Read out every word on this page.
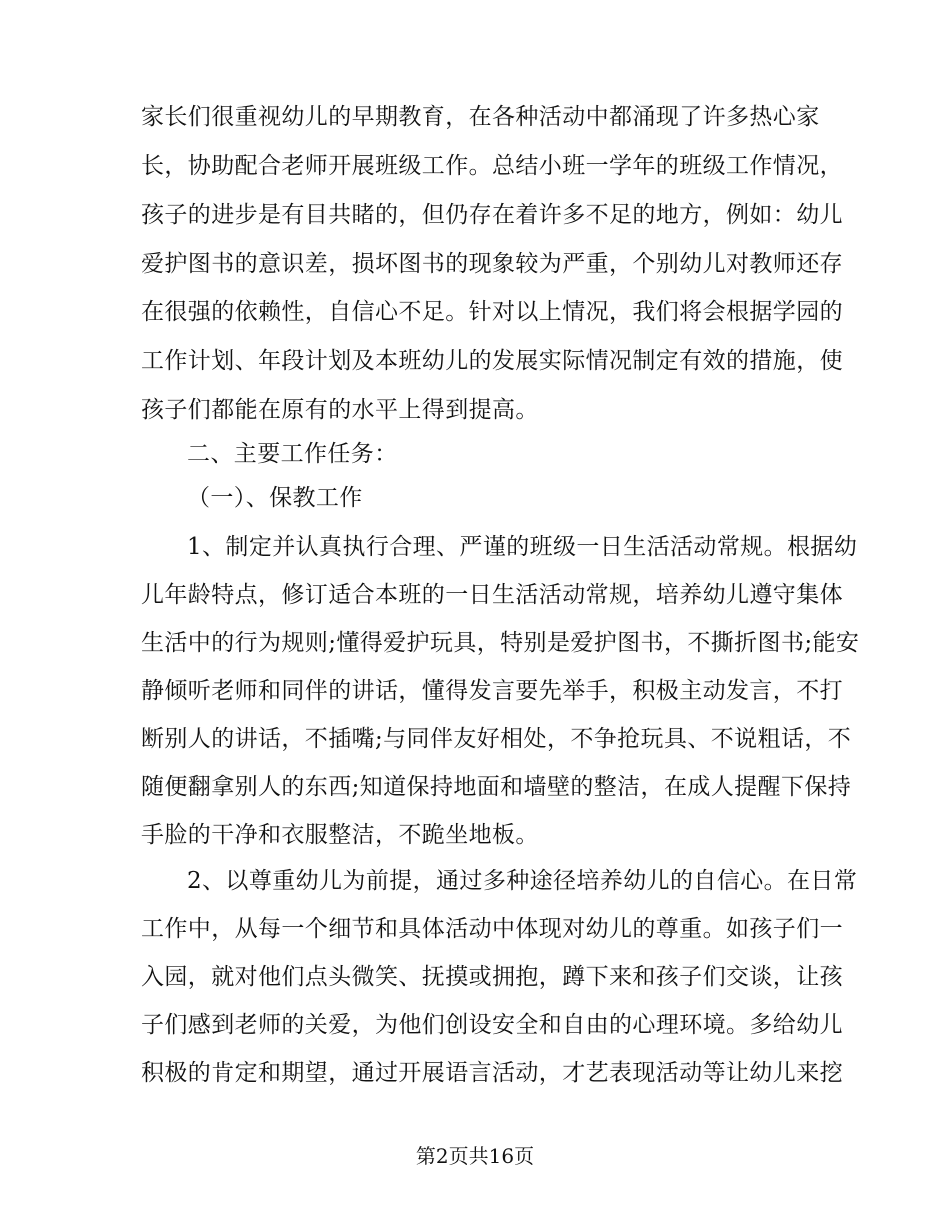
家长们很重视幼儿的早期教育，在各种活动中都涌现了许多热心家
长，协助配合老师开展班级工作。总结小班一学年的班级工作情况，
孩子的进步是有目共睹的，但仍存在着许多不足的地方，例如：幼儿
爱护图书的意识差，损坏图书的现象较为严重，个别幼儿对教师还存
在很强的依赖性，自信心不足。针对以上情况，我们将会根据学园的
工作计划、年段计划及本班幼儿的发展实际情况制定有效的措施，使
孩子们都能在原有的水平上得到提高。
二、主要工作任务：
（一）、保教工作
1、制定并认真执行合理、严谨的班级一日生活活动常规。根据幼
儿年龄特点，修订适合本班的一日生活活动常规，培养幼儿遵守集体
生活中的行为规则;懂得爱护玩具，特别是爱护图书，不撕折图书;能安
静倾听老师和同伴的讲话，懂得发言要先举手，积极主动发言，不打
断别人的讲话，不插嘴;与同伴友好相处，不争抢玩具、不说粗话，不
随便翻拿别人的东西;知道保持地面和墙壁的整洁，在成人提醒下保持
手脸的干净和衣服整洁，不跪坐地板。
2、以尊重幼儿为前提，通过多种途径培养幼儿的自信心。在日常
工作中，从每一个细节和具体活动中体现对幼儿的尊重。如孩子们一
入园，就对他们点头微笑、抚摸或拥抱，蹲下来和孩子们交谈，让孩
子们感到老师的关爱，为他们创设安全和自由的心理环境。多给幼儿
积极的肯定和期望，通过开展语言活动，才艺表现活动等让幼儿来挖
第2页共16页
